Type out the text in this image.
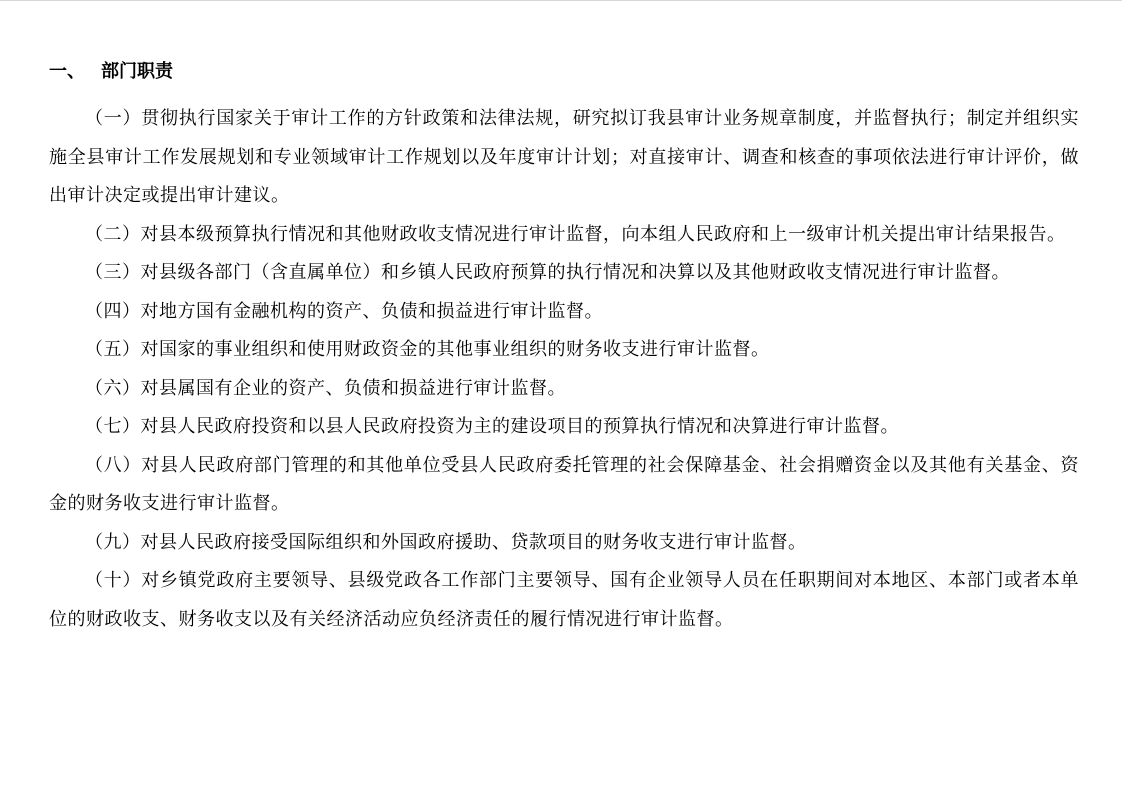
一、 部门职责

（一）贯彻执行国家关于审计工作的方针政策和法律法规，研究拟订我县审计业务规章制度，并监督执行；制定并组织实施全县审计工作发展规划和专业领域审计工作规划以及年度审计计划；对直接审计、调查和核查的事项依法进行审计评价，做出审计决定或提出审计建议。

（二）对县本级预算执行情况和其他财政收支情况进行审计监督，向本组人民政府和上一级审计机关提出审计结果报告。

（三）对县级各部门（含直属单位）和乡镇人民政府预算的执行情况和决算以及其他财政收支情况进行审计监督。

（四）对地方国有金融机构的资产、负债和损益进行审计监督。

（五）对国家的事业组织和使用财政资金的其他事业组织的财务收支进行审计监督。

（六）对县属国有企业的资产、负债和损益进行审计监督。

（七）对县人民政府投资和以县人民政府投资为主的建设项目的预算执行情况和决算进行审计监督。

（八）对县人民政府部门管理的和其他单位受县人民政府委托管理的社会保障基金、社会捐赠资金以及其他有关基金、资金的财务收支进行审计监督。

（九）对县人民政府接受国际组织和外国政府援助、贷款项目的财务收支进行审计监督。

（十）对乡镇党政府主要领导、县级党政各工作部门主要领导、国有企业领导人员在任职期间对本地区、本部门或者本单位的财政收支、财务收支以及有关经济活动应负经济责任的履行情况进行审计监督。
